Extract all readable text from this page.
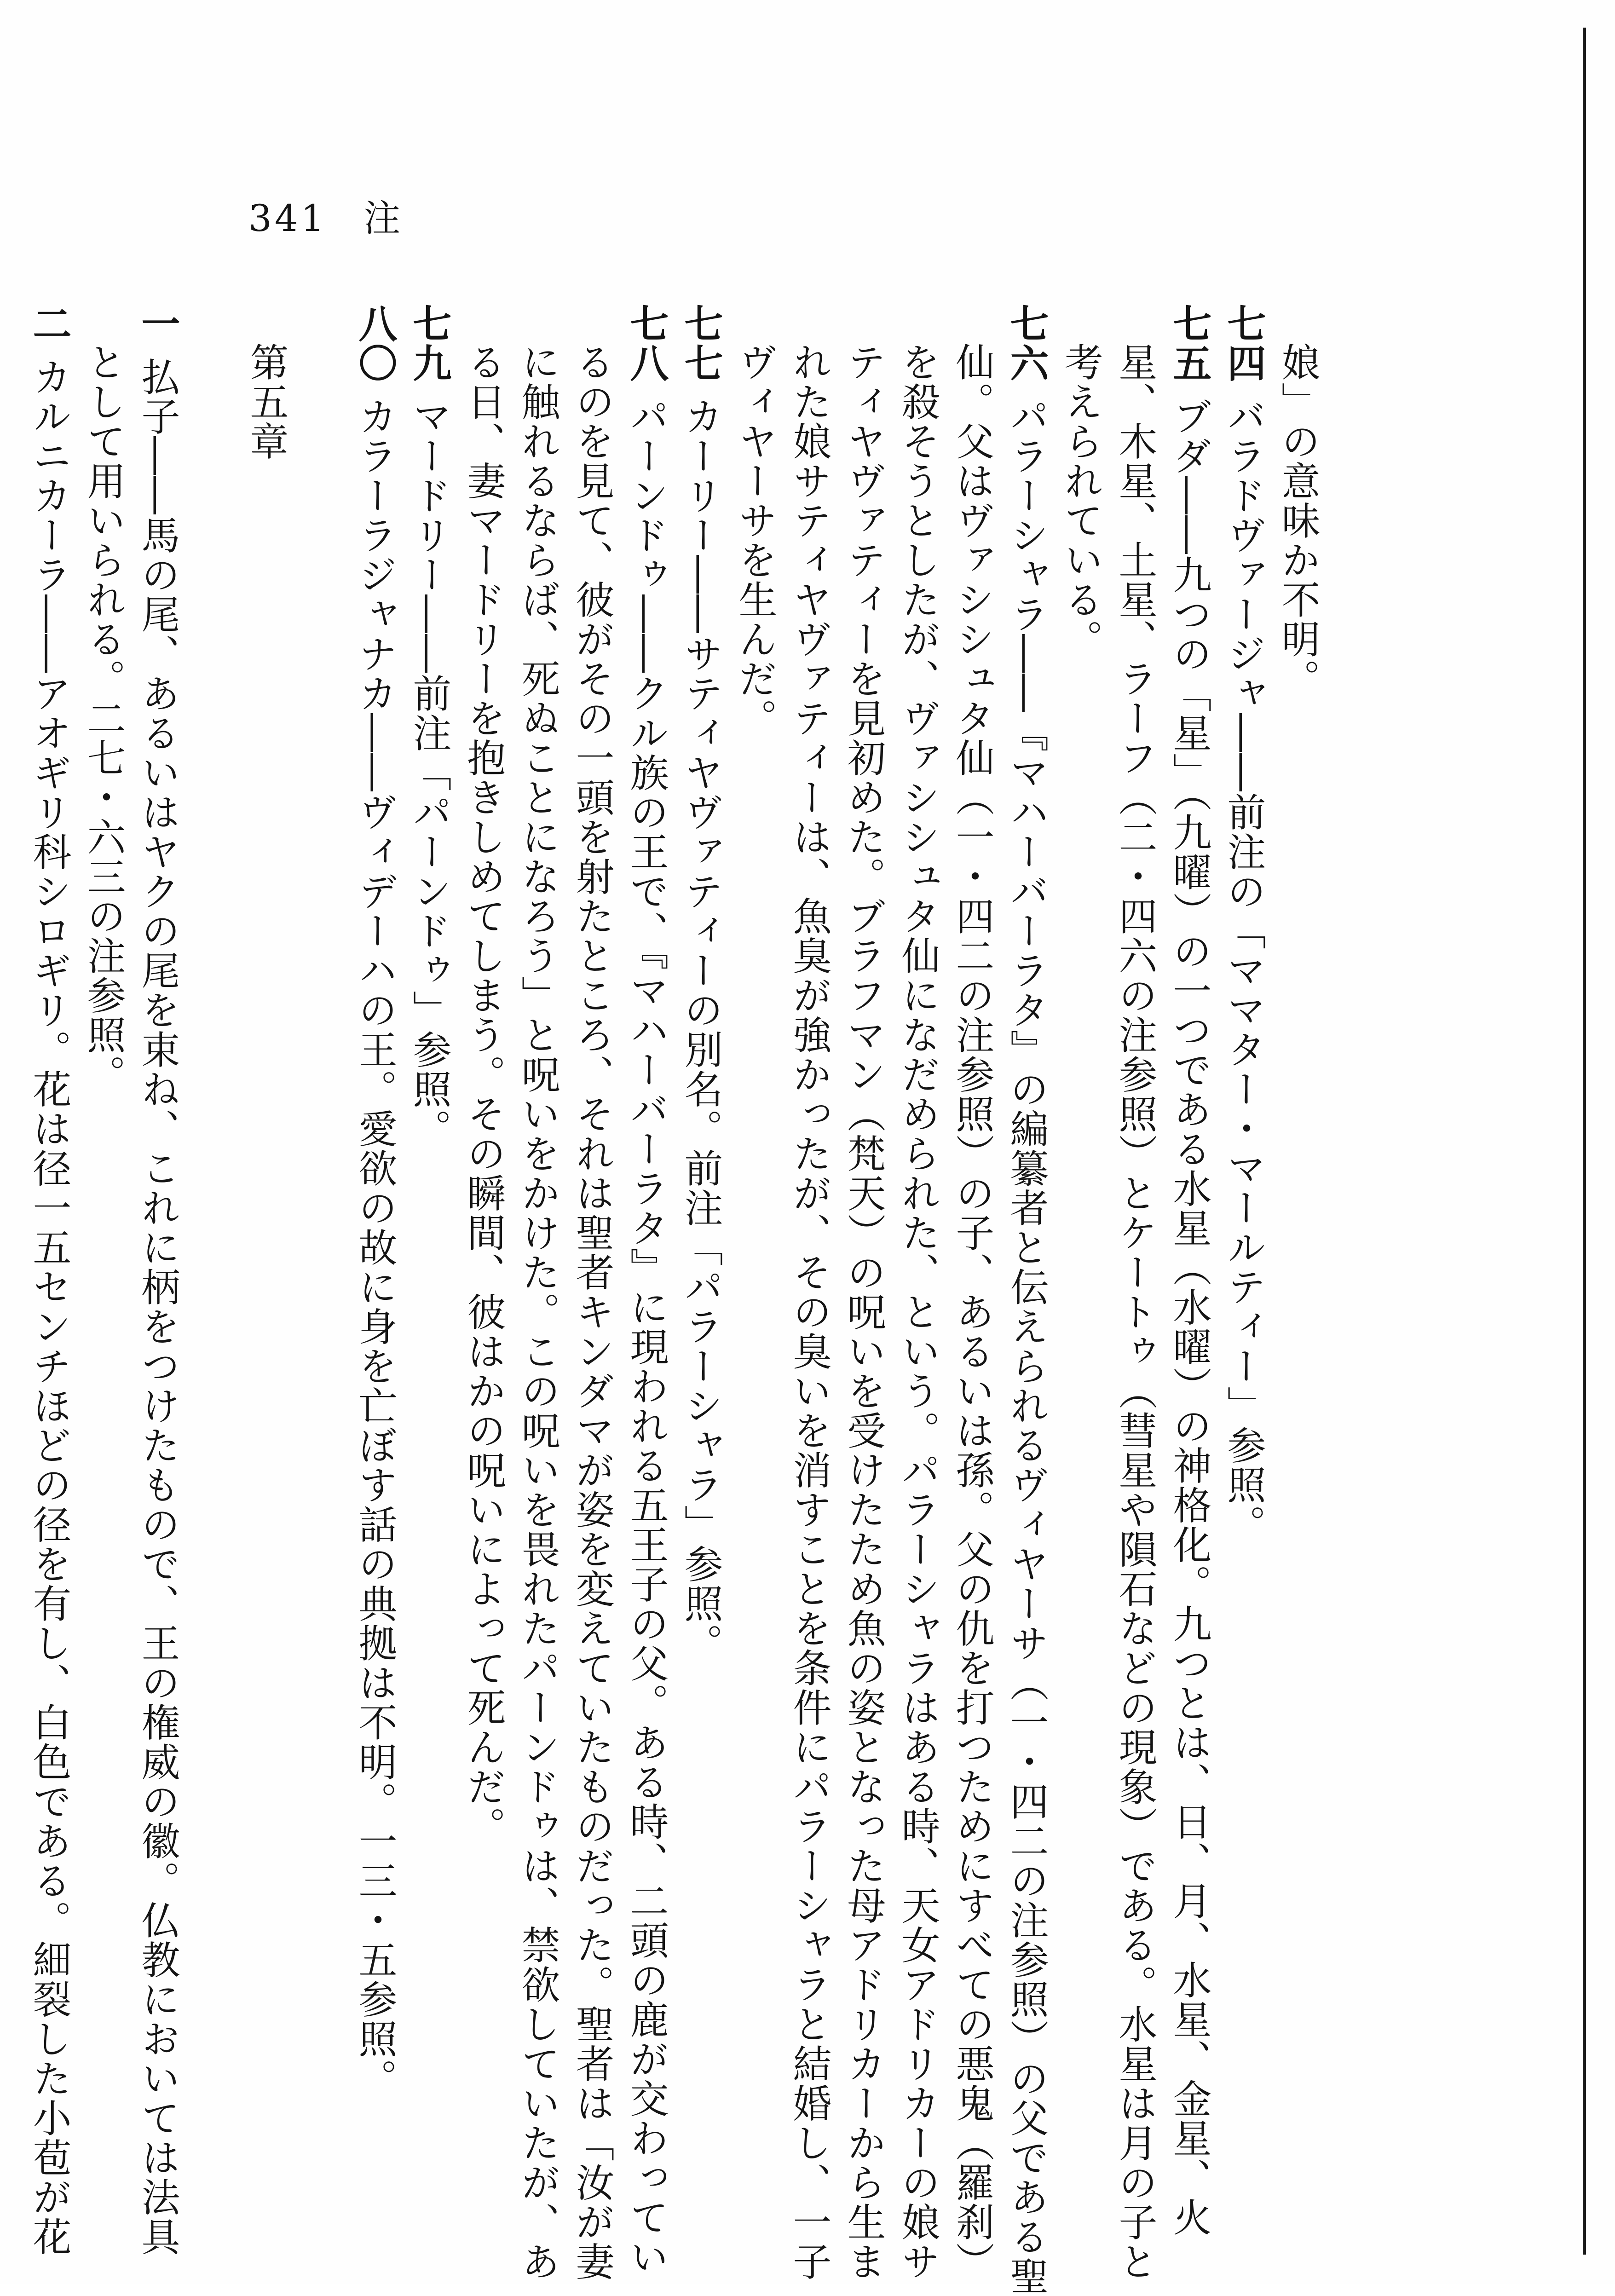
341 注
娘」の意味か不明。
七四バラドヴァージャ――前注の「ママター・マールティー」参照。
七五ブダ――九つの「星」（九曜）の一つである水星（水曜）の神格化。九つとは、日、月、水星、金星、火
星、木星、土星、ラーフ（二・四六の注参照）とケートゥ（彗星や隕石などの現象）である。水星は月の子と
考えられている。
七六パラーシャラ――『マハーバーラタ』の編纂者と伝えられるヴィヤーサ（一・四二の注参照）の父である聖
仙。父はヴァシシュタ仙（一・四二の注参照）の子、あるいは孫。父の仇を打つためにすべての悪鬼（羅刹）
を殺そうとしたが、ヴァシシュタ仙になだめられた、という。パラーシャラはある時、天女アドリカーの娘サ
ティヤヴァティーを見初めた。ブラフマン（梵天）の呪いを受けたため魚の姿となった母アドリカーから生ま
れた娘サティヤヴァティーは、魚臭が強かったが、その臭いを消すことを条件にパラーシャラと結婚し、一子
ヴィヤーサを生んだ。
七七カーリー――サティヤヴァティーの別名。前注「パラーシャラ」参照。
七八パーンドゥ――クル族の王で、『マハーバーラタ』に現われる五王子の父。ある時、二頭の鹿が交わってい
るのを見て、彼がその一頭を射たところ、それは聖者キンダマが姿を変えていたものだった。聖者は「汝が妻
に触れるならば、死ぬことになろう」と呪いをかけた。この呪いを畏れたパーンドゥは、禁欲していたが、あ
る日、妻マードリーを抱きしめてしまう。その瞬間、彼はかの呪いによって死んだ。
七九マードリー――前注「パーンドゥ」参照。
八〇カラーラジャナカ――ヴィデーハの王。愛欲の故に身を亡ぼす話の典拠は不明。一三・五参照。
第五章
一払子――馬の尾、あるいはヤクの尾を束ね、これに柄をつけたもので、王の権威の徽。仏教においては法具
として用いられる。二七・六三の注参照。
二カルニカーラ――アオギリ科シロギリ。花は径一五センチほどの径を有し、白色である。細裂した小苞が花
